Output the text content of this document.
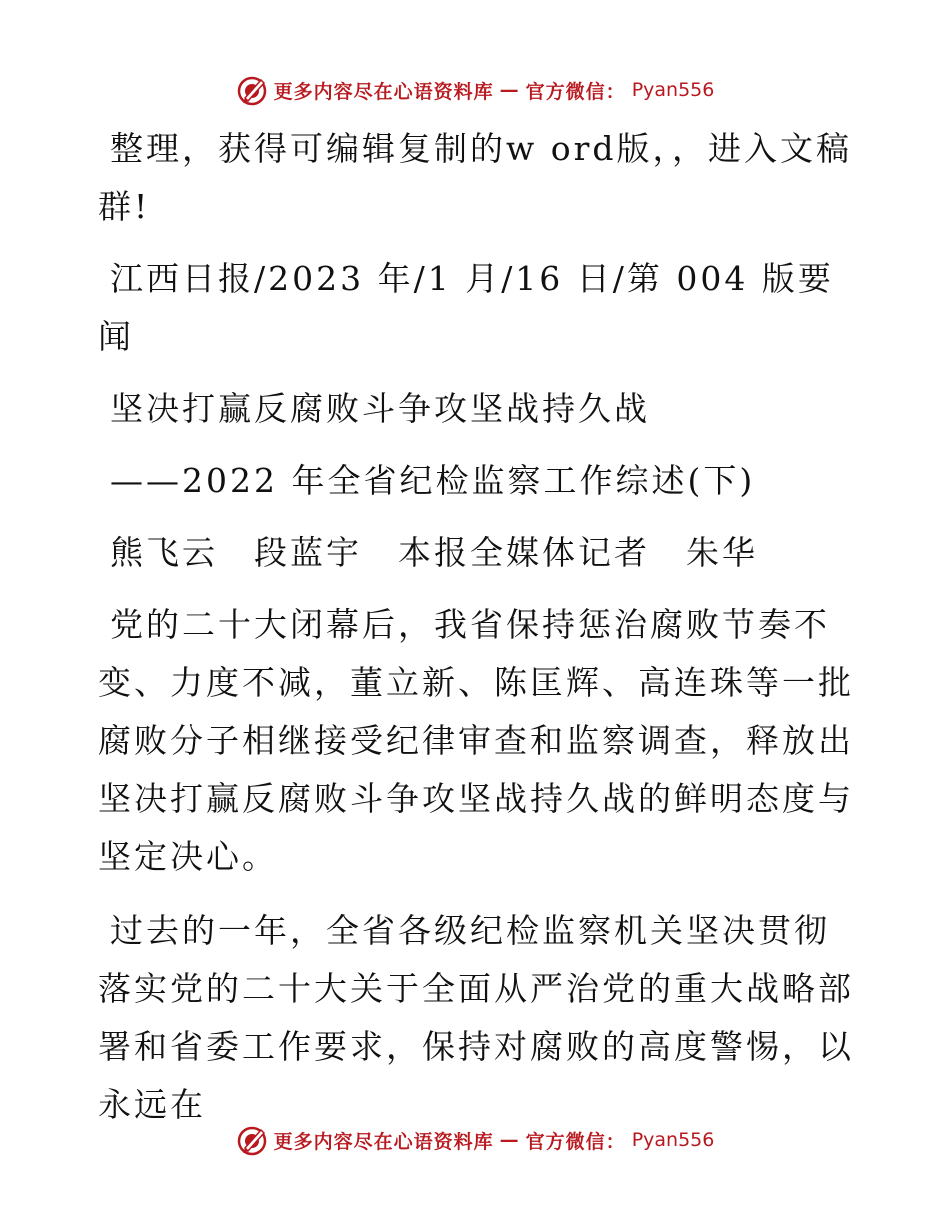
更多内容尽在心语资料库 — 官方微信： Pyan556

整理，获得可编辑复制的w ord版，，进入文稿群!

江西日报/2023 年/1 月/16 日/第 004 版要闻

坚决打赢反腐败斗争攻坚战持久战

——2022 年全省纪检监察工作综述(下)

熊飞云　段蓝宇　本报全媒体记者　朱华

党的二十大闭幕后，我省保持惩治腐败节奏不变、力度不减，董立新、陈匡辉、高连珠等一批腐败分子相继接受纪律审查和监察调查，释放出坚决打赢反腐败斗争攻坚战持久战的鲜明态度与坚定决心。

过去的一年，全省各级纪检监察机关坚决贯彻落实党的二十大关于全面从严治党的重大战略部署和省委工作要求，保持对腐败的高度警惕，以永远在

更多内容尽在心语资料库 — 官方微信： Pyan556
